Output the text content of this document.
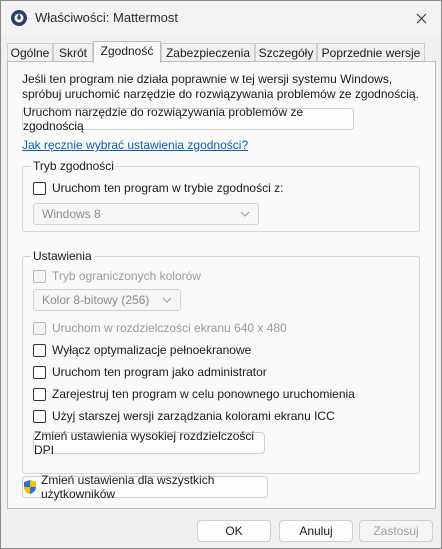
Właściwości: Mattermost
Ogólne Skrót	Zgodność	Zabezpieczenia Szczegóły Poprzednie wersje
Jeśli ten program nie działa poprawnie w tej wersji systemu Windows,
spróbuj uruchomić narzędzie do rozwiązywania problemów ze zgodnością.
Uruchom narzędzie do rozwiązywania problemów ze zgodnością
Jak ręcznie wybrać ustawienia zgodności?
Tryb zgodności
Uruchom ten program w trybie zgodności z:
Windows 8
Ustawienia
Tryb ograniczonych kolorów
Kolor 8-bitowy (256)
Uruchom w rozdzielczości ekranu 640 x 480
Wyłącz optymalizacje pełnoekranowe
Uruchom ten program jako administrator
Zarejestruj ten program w celu ponownego uruchomienia
Użyj starszej wersji zarządzania kolorami ekranu ICC
Zmień ustawienia wysokiej rozdzielczości DPI
Zmień ustawienia dla wszystkich użytkowników
OK	Anuluj	Zastosuj
